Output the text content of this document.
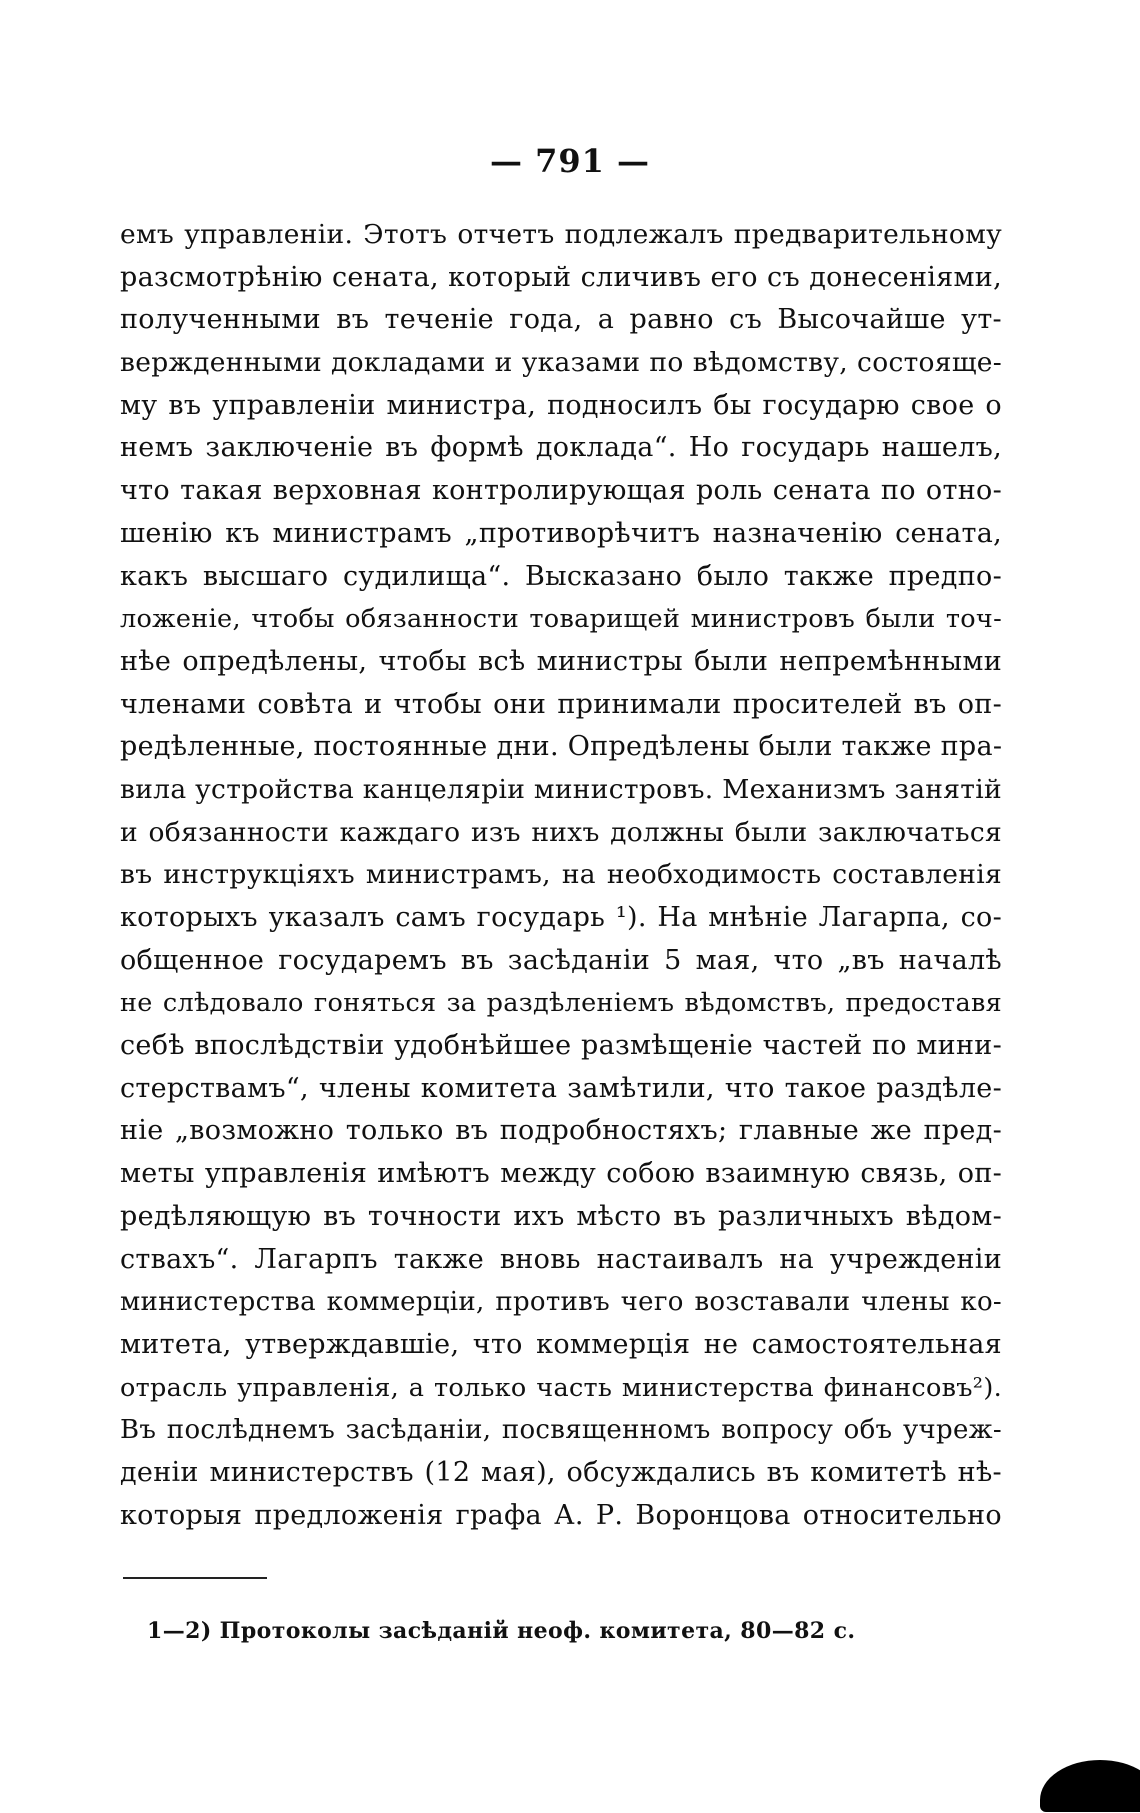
— 791 —
емъ управленіи. Этотъ отчетъ подлежалъ предварительному
разсмотрѣнію сената, который сличивъ его съ донесеніями,
полученными въ теченіе года, а равно съ Высочайше ут-
вержденными докладами и указами по вѣдомству, состояще-
му въ управленіи министра, подносилъ бы государю свое о
немъ заключеніе въ формѣ доклада“. Но государь нашелъ,
что такая верховная контролирующая роль сената по отно-
шенію къ министрамъ „противорѣчитъ назначенію сената,
какъ высшаго судилища“. Высказано было также предпо-
ложеніе, чтобы обязанности товарищей министровъ были точ-
нѣе опредѣлены, чтобы всѣ министры были непремѣнными
членами совѣта и чтобы они принимали просителей въ оп-
редѣленные, постоянные дни. Опредѣлены были также пра-
вила устройства канцеляріи министровъ. Механизмъ занятій
и обязанности каждаго изъ нихъ должны были заключаться
въ инструкціяхъ министрамъ, на необходимость составленія
которыхъ указалъ самъ государь ¹). На мнѣніе Лагарпа, со-
общенное государемъ въ засѣданіи 5 мая, что „въ началѣ
не слѣдовало гоняться за раздѣленіемъ вѣдомствъ, предоставя
себѣ впослѣдствіи удобнѣйшее размѣщеніе частей по мини-
стерствамъ“, члены комитета замѣтили, что такое раздѣле-
ніе „возможно только въ подробностяхъ; главные же пред-
меты управленія имѣютъ между собою взаимную связь, оп-
редѣляющую въ точности ихъ мѣсто въ различныхъ вѣдом-
ствахъ“. Лагарпъ также вновь настаивалъ на учрежденіи
министерства коммерціи, противъ чего возставали члены ко-
митета, утверждавшіе, что коммерція не самостоятельная
отрасль управленія, а только часть министерства финансовъ²).
Въ послѣднемъ засѣданіи, посвященномъ вопросу объ учреж-
деніи министерствъ (12 мая), обсуждались въ комитетѣ нѣ-
которыя предложенія графа А. Р. Воронцова относительно
1—2) Протоколы засѣданій неоф. комитета, 80—82 с.
